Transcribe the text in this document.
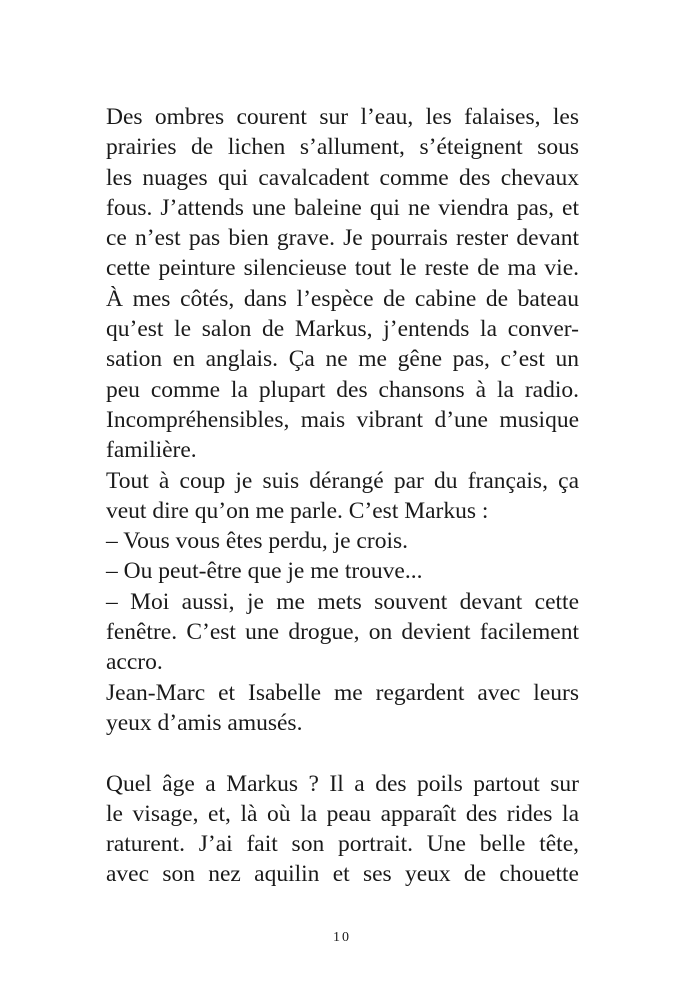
Des ombres courent sur l’eau, les falaises, les
prairies de lichen s’allument, s’éteignent sous
les nuages qui cavalcadent comme des chevaux
fous. J’attends une baleine qui ne viendra pas, et
ce n’est pas bien grave. Je pourrais rester devant
cette peinture silencieuse tout le reste de ma vie.
À mes côtés, dans l’espèce de cabine de bateau
qu’est le salon de Markus, j’entends la conver-
sation en anglais. Ça ne me gêne pas, c’est un
peu comme la plupart des chansons à la radio.
Incompréhensibles, mais vibrant d’une musique
familière.
Tout à coup je suis dérangé par du français, ça
veut dire qu’on me parle. C’est Markus :
– Vous vous êtes perdu, je crois.
– Ou peut-être que je me trouve...
– Moi aussi, je me mets souvent devant cette
fenêtre. C’est une drogue, on devient facilement
accro.
Jean-Marc et Isabelle me regardent avec leurs
yeux d’amis amusés.
Quel âge a Markus ? Il a des poils partout sur
le visage, et, là où la peau apparaît des rides la
raturent. J’ai fait son portrait. Une belle tête,
avec son nez aquilin et ses yeux de chouette
10
